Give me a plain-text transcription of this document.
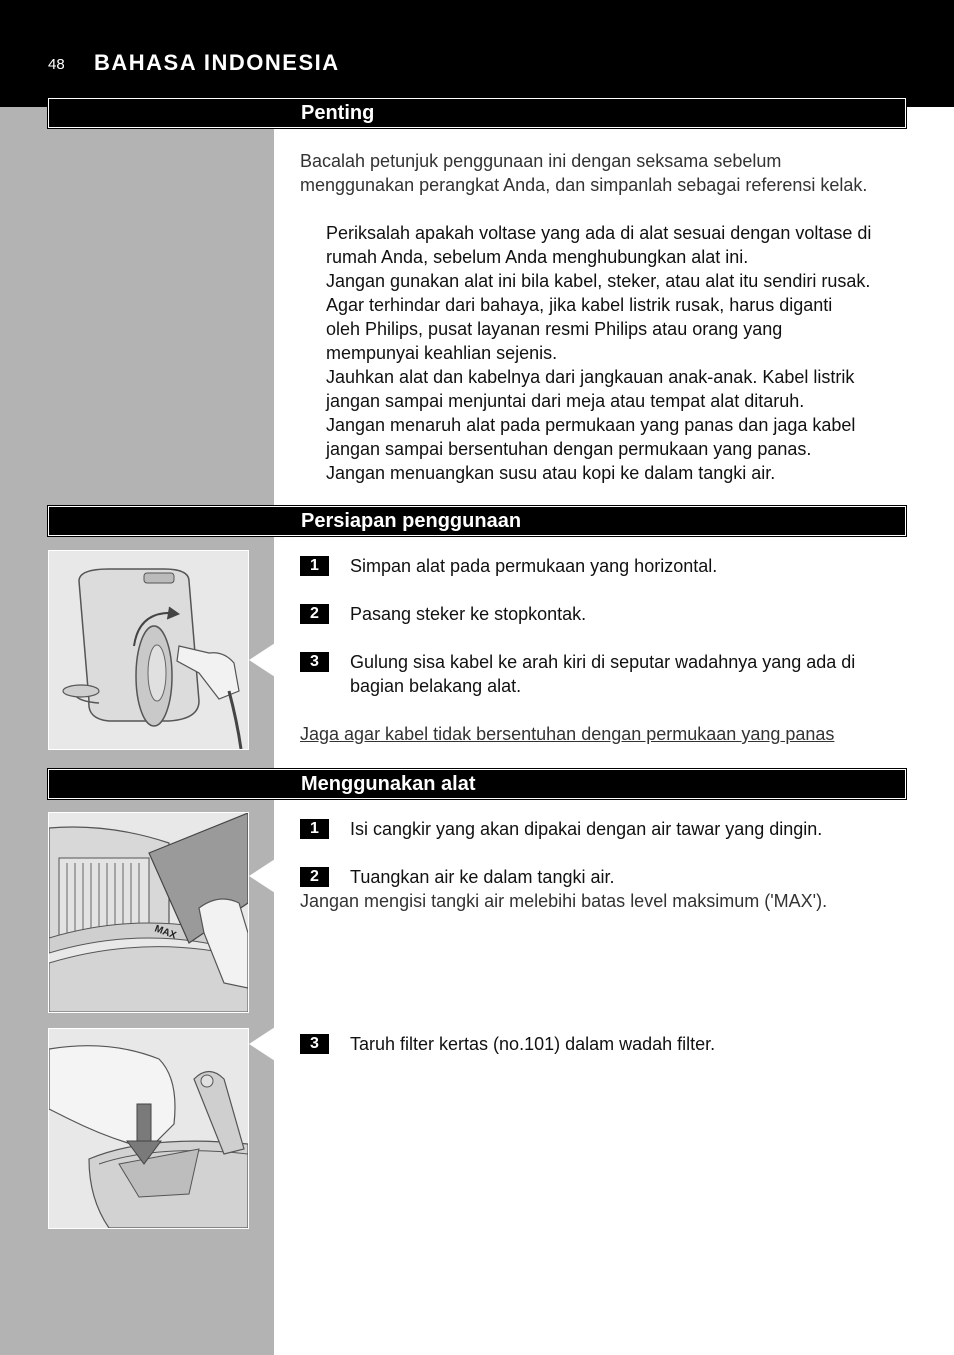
48 BAHASA INDONESIA
Penting
Bacalah petunjuk penggunaan ini dengan seksama sebelum
menggunakan perangkat Anda, dan simpanlah sebagai referensi kelak.
Periksalah apakah voltase yang ada di alat sesuai dengan voltase di
rumah Anda, sebelum Anda menghubungkan alat ini.
Jangan gunakan alat ini bila kabel, steker, atau alat itu sendiri rusak.
Agar terhindar dari bahaya, jika kabel listrik rusak, harus diganti
oleh Philips, pusat layanan resmi Philips atau orang yang
mempunyai keahlian sejenis.
Jauhkan alat dan kabelnya dari jangkauan anak-anak. Kabel listrik
jangan sampai menjuntai dari meja atau tempat alat ditaruh.
Jangan menaruh alat pada permukaan yang panas dan jaga kabel
jangan sampai bersentuhan dengan permukaan yang panas.
Jangan menuangkan susu atau kopi ke dalam tangki air.
Persiapan penggunaan
1	Simpan alat pada permukaan yang horizontal.
2	Pasang steker ke stopkontak.
3	Gulung sisa kabel ke arah kiri di seputar wadahnya yang ada di
bagian belakang alat.
Jaga agar kabel tidak bersentuhan dengan permukaan yang panas
Menggunakan alat
MAX
1	Isi cangkir yang akan dipakai dengan air tawar yang dingin.
2	Tuangkan air ke dalam tangki air.
Jangan mengisi tangki air melebihi batas level maksimum ('MAX').
3	Taruh filter kertas (no.101) dalam wadah filter.
